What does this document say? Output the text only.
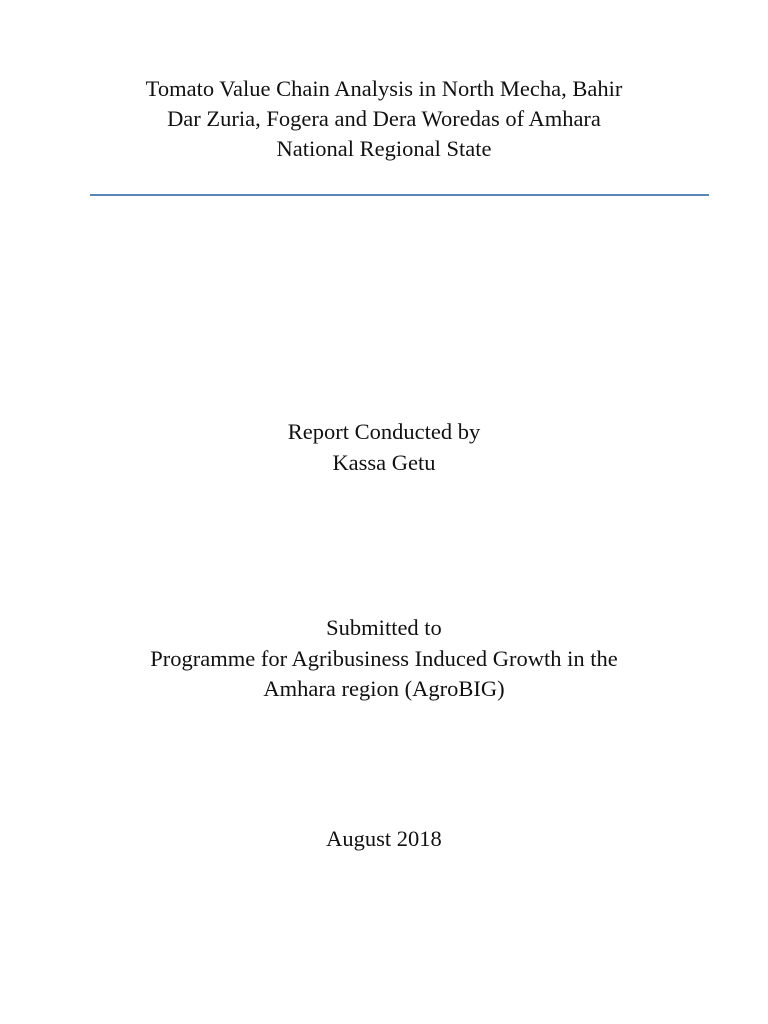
Tomato Value Chain Analysis in North Mecha, Bahir
Dar Zuria, Fogera and Dera Woredas of Amhara
National Regional State
Report Conducted by
Kassa Getu
Submitted to
Programme for Agribusiness Induced Growth in the
Amhara region (AgroBIG)
August 2018
